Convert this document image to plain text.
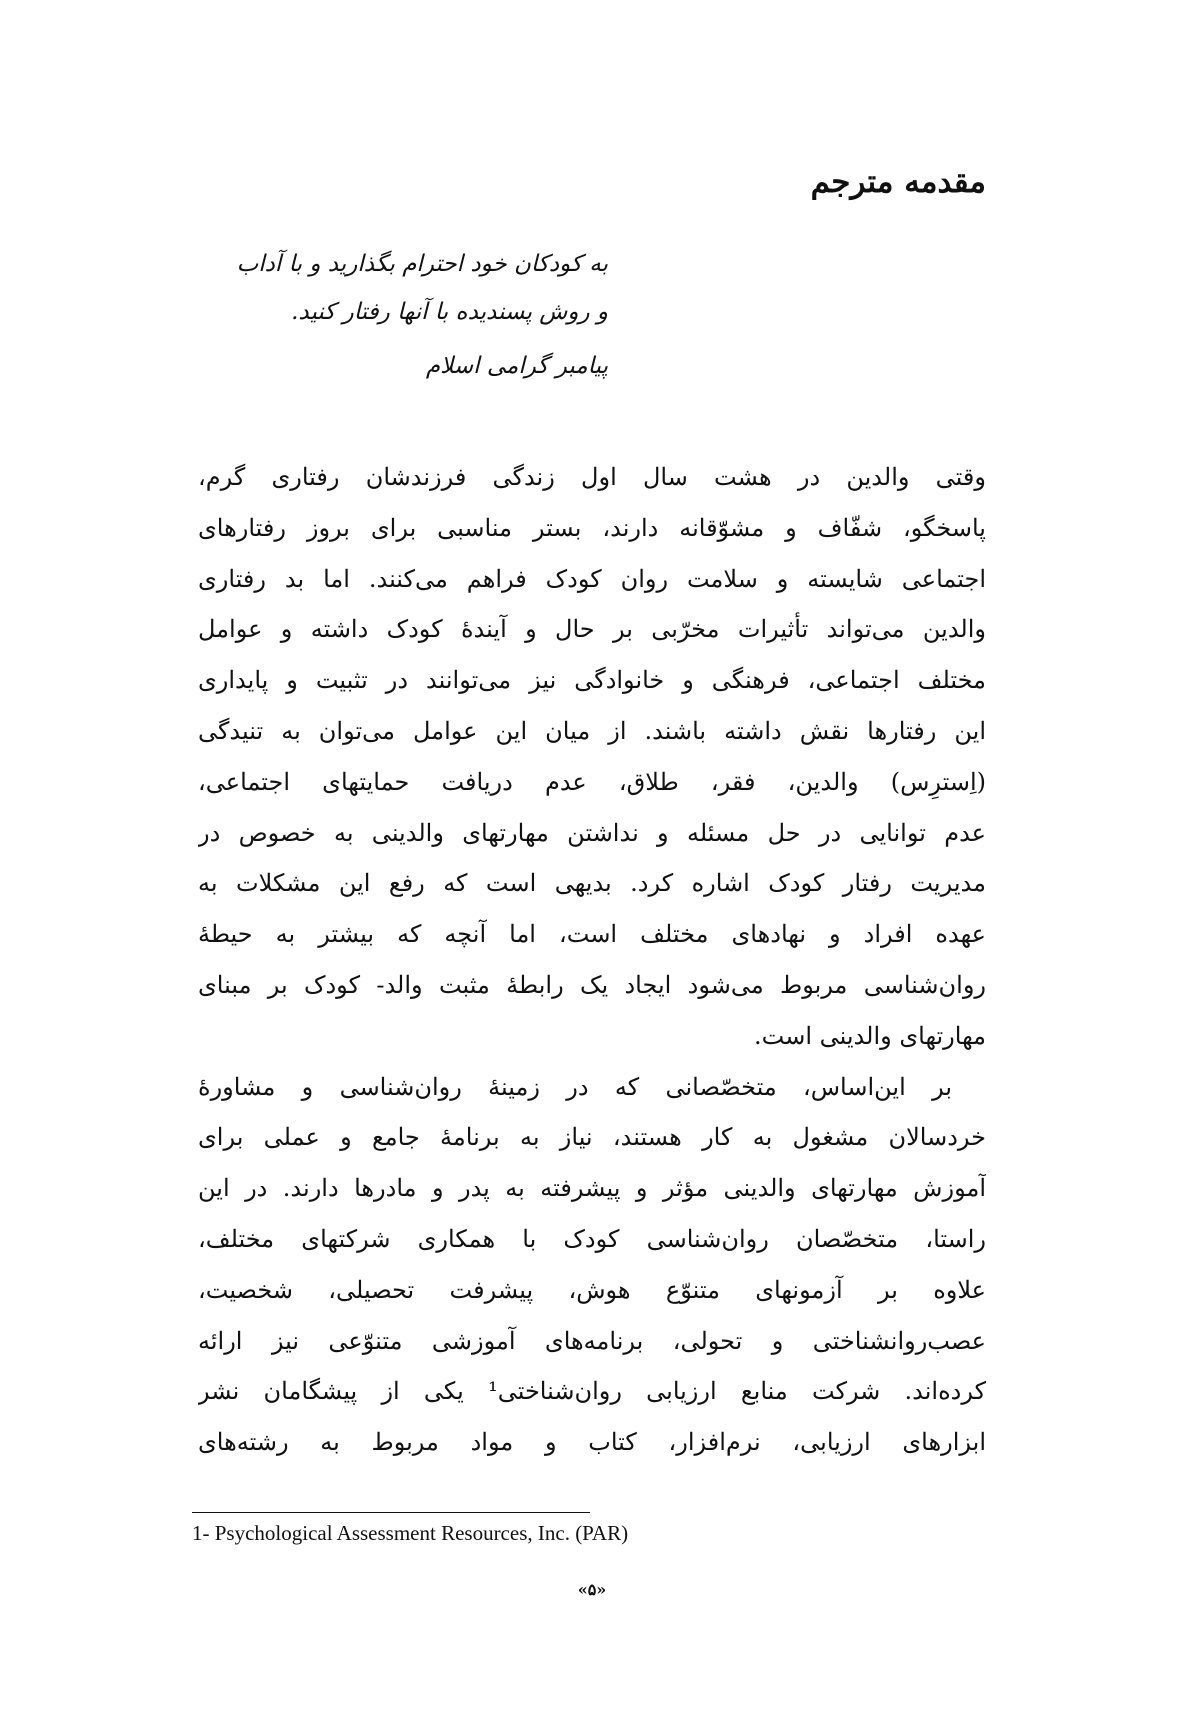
مقدمه مترجم
به کودکان خود احترام بگذارید و با آداب
و روش پسندیده با آنها رفتار کنید.
پیامبر گرامی اسلام
وقتی والدین در هشت سال اول زندگی فرزندشان رفتاری گرم،
پاسخگو، شفّاف و مشوّقانه دارند، بستر مناسبی برای بروز رفتارهای
اجتماعی شایسته و سلامت روان کودک فراهم می‌کنند. اما بد رفتاری
والدین می‌تواند تأثیرات مخرّبی بر حال و آیندهٔ کودک داشته و عوامل
مختلف اجتماعی، فرهنگی و خانوادگی نیز می‌توانند در تثبیت و پایداری
این رفتارها نقش داشته باشند. از میان این عوامل می‌توان به تنیدگی
(اِسترِس) والدین، فقر، طلاق، عدم دریافت حمایتهای اجتماعی،
عدم توانایی در حل مسئله و نداشتن مهارتهای والدینی به خصوص در
مدیریت رفتار کودک اشاره کرد. بدیهی است که رفع این مشکلات به
عهده افراد و نهادهای مختلف است، اما آنچه که بیشتر به حیطهٔ
روان‌شناسی مربوط می‌شود ایجاد یک رابطهٔ مثبت والد- کودک بر مبنای
مهارتهای والدینی است.
بر این‌اساس، متخصّصانی که در زمینهٔ روان‌شناسی و مشاورهٔ
خردسالان مشغول به کار هستند، نیاز به برنامهٔ جامع و عملی برای
آموزش مهارتهای والدینی مؤثر و پیشرفته به پدر و مادرها دارند. در این
راستا، متخصّصان روان‌شناسی کودک با همکاری شرکتهای مختلف،
علاوه بر آزمونهای متنوّع هوش، پیشرفت تحصیلی، شخصیت،
عصب‌روانشناختی و تحولی، برنامه‌های آموزشی متنوّعی نیز ارائه
کرده‌اند. شرکت منابع ارزیابی روان‌شناختی¹ یکی از پیشگامان نشر
ابزارهای ارزیابی، نرم‌افزار، کتاب و مواد مربوط به رشته‌های
1- Psychological Assessment Resources, Inc. (PAR)
«۵»
